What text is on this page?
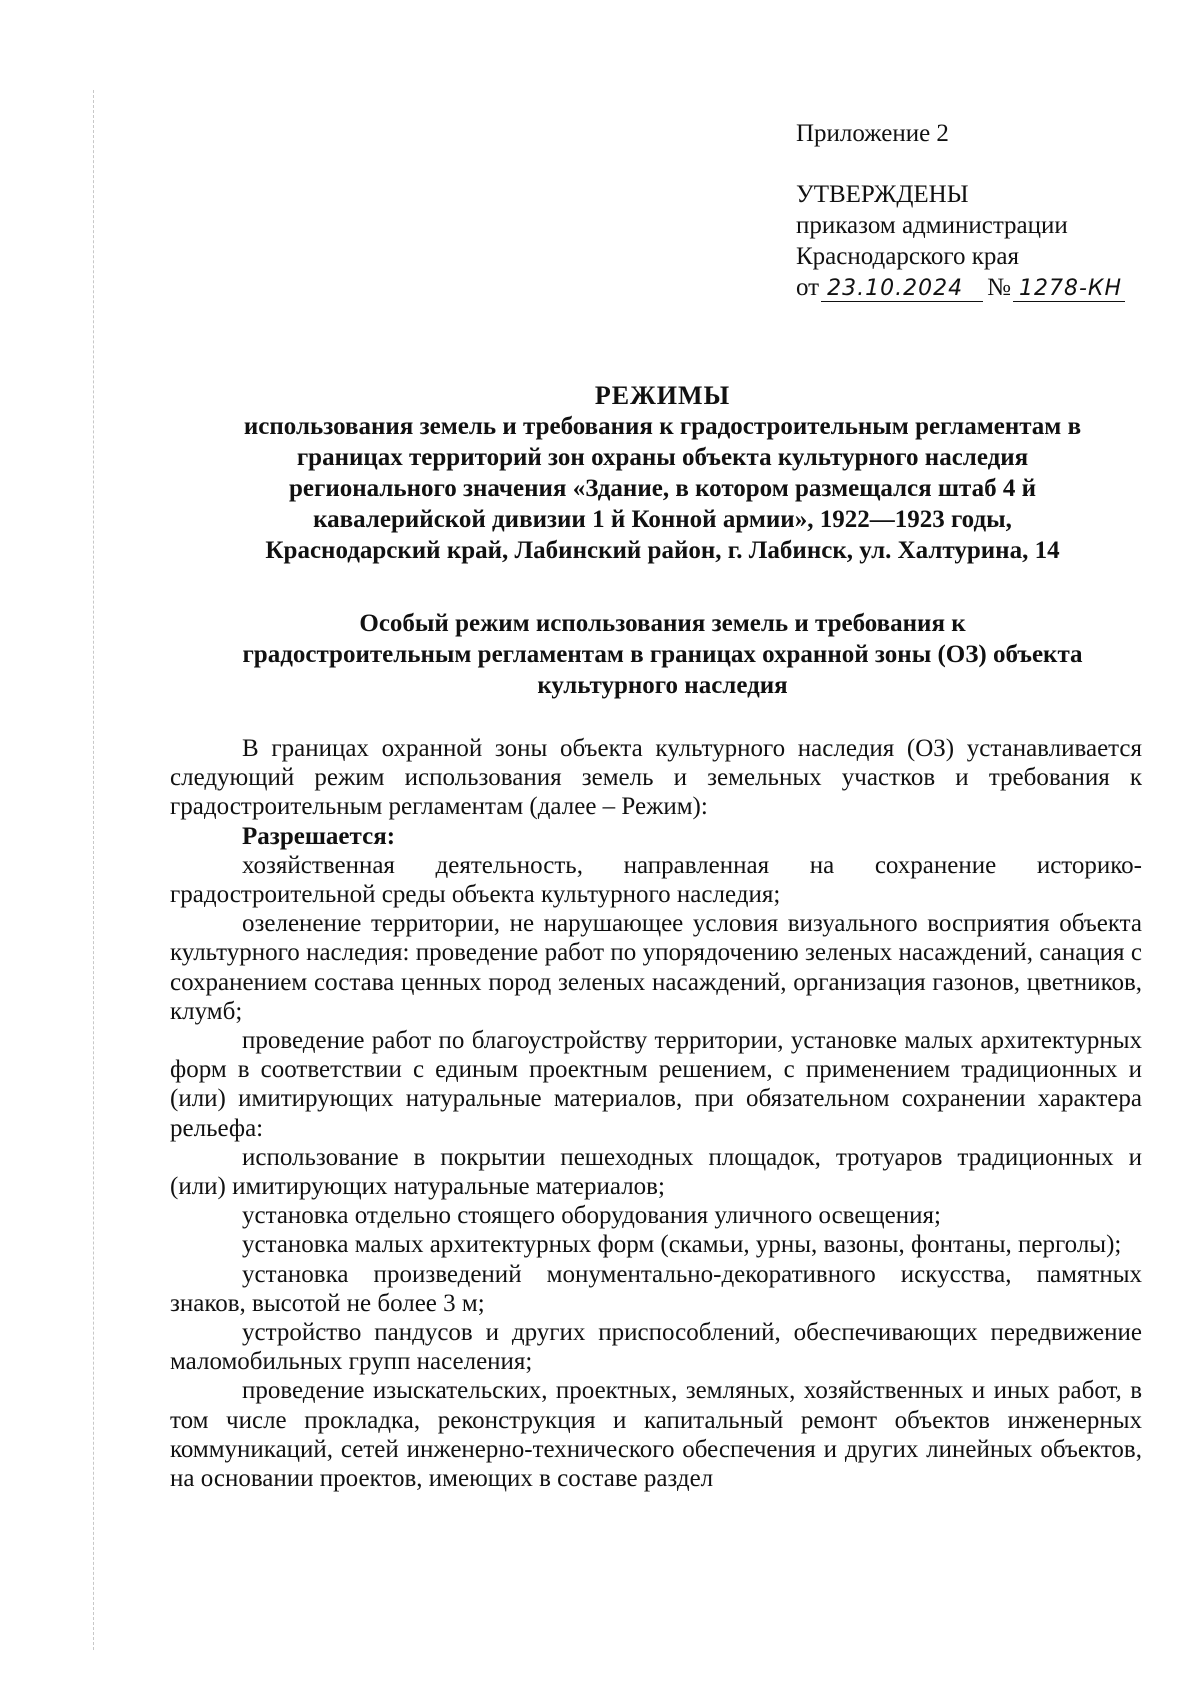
Приложение 2
УТВЕРЖДЕНЫ
приказом администрации
Краснодарского края
от 23.10.2024 № 1278-КН
РЕЖИМЫ
использования земель и требования к градостроительным регламентам в
границах территорий зон охраны объекта культурного наследия
регионального значения «Здание, в котором размещался штаб 4 й
кавалерийской дивизии 1 й Конной армии», 1922—1923 годы,
Краснодарский край, Лабинский район, г. Лабинск, ул. Халтурина, 14
Особый режим использования земель и требования к
градостроительным регламентам в границах охранной зоны (ОЗ) объекта
культурного наследия

В границах охранной зоны объекта культурного наследия (ОЗ) устанавливается следующий режим использования земель и земельных участков и требования к градостроительным регламентам (далее – Режим):

Разрешается:

хозяйственная деятельность, направленная на сохранение историко-градостроительной среды объекта культурного наследия;

озеленение территории, не нарушающее условия визуального восприятия объекта культурного наследия: проведение работ по упорядочению зеленых насаждений, санация с сохранением состава ценных пород зеленых насаждений, организация газонов, цветников, клумб;

проведение работ по благоустройству территории, установке малых архитектурных форм в соответствии с единым проектным решением, с применением традиционных и (или) имитирующих натуральные материалов, при обязательном сохранении характера рельефа:

использование в покрытии пешеходных площадок, тротуаров традиционных и (или) имитирующих натуральные материалов;

установка отдельно стоящего оборудования уличного освещения;

установка малых архитектурных форм (скамьи, урны, вазоны, фонтаны, перголы);

установка произведений монументально-декоративного искусства, памятных знаков, высотой не более 3 м;

устройство пандусов и других приспособлений, обеспечивающих передвижение маломобильных групп населения;

проведение изыскательских, проектных, земляных, хозяйственных и иных работ, в том числе прокладка, реконструкция и капитальный ремонт объектов инженерных коммуникаций, сетей инженерно-технического обеспечения и других линейных объектов, на основании проектов, имеющих в составе раздел
